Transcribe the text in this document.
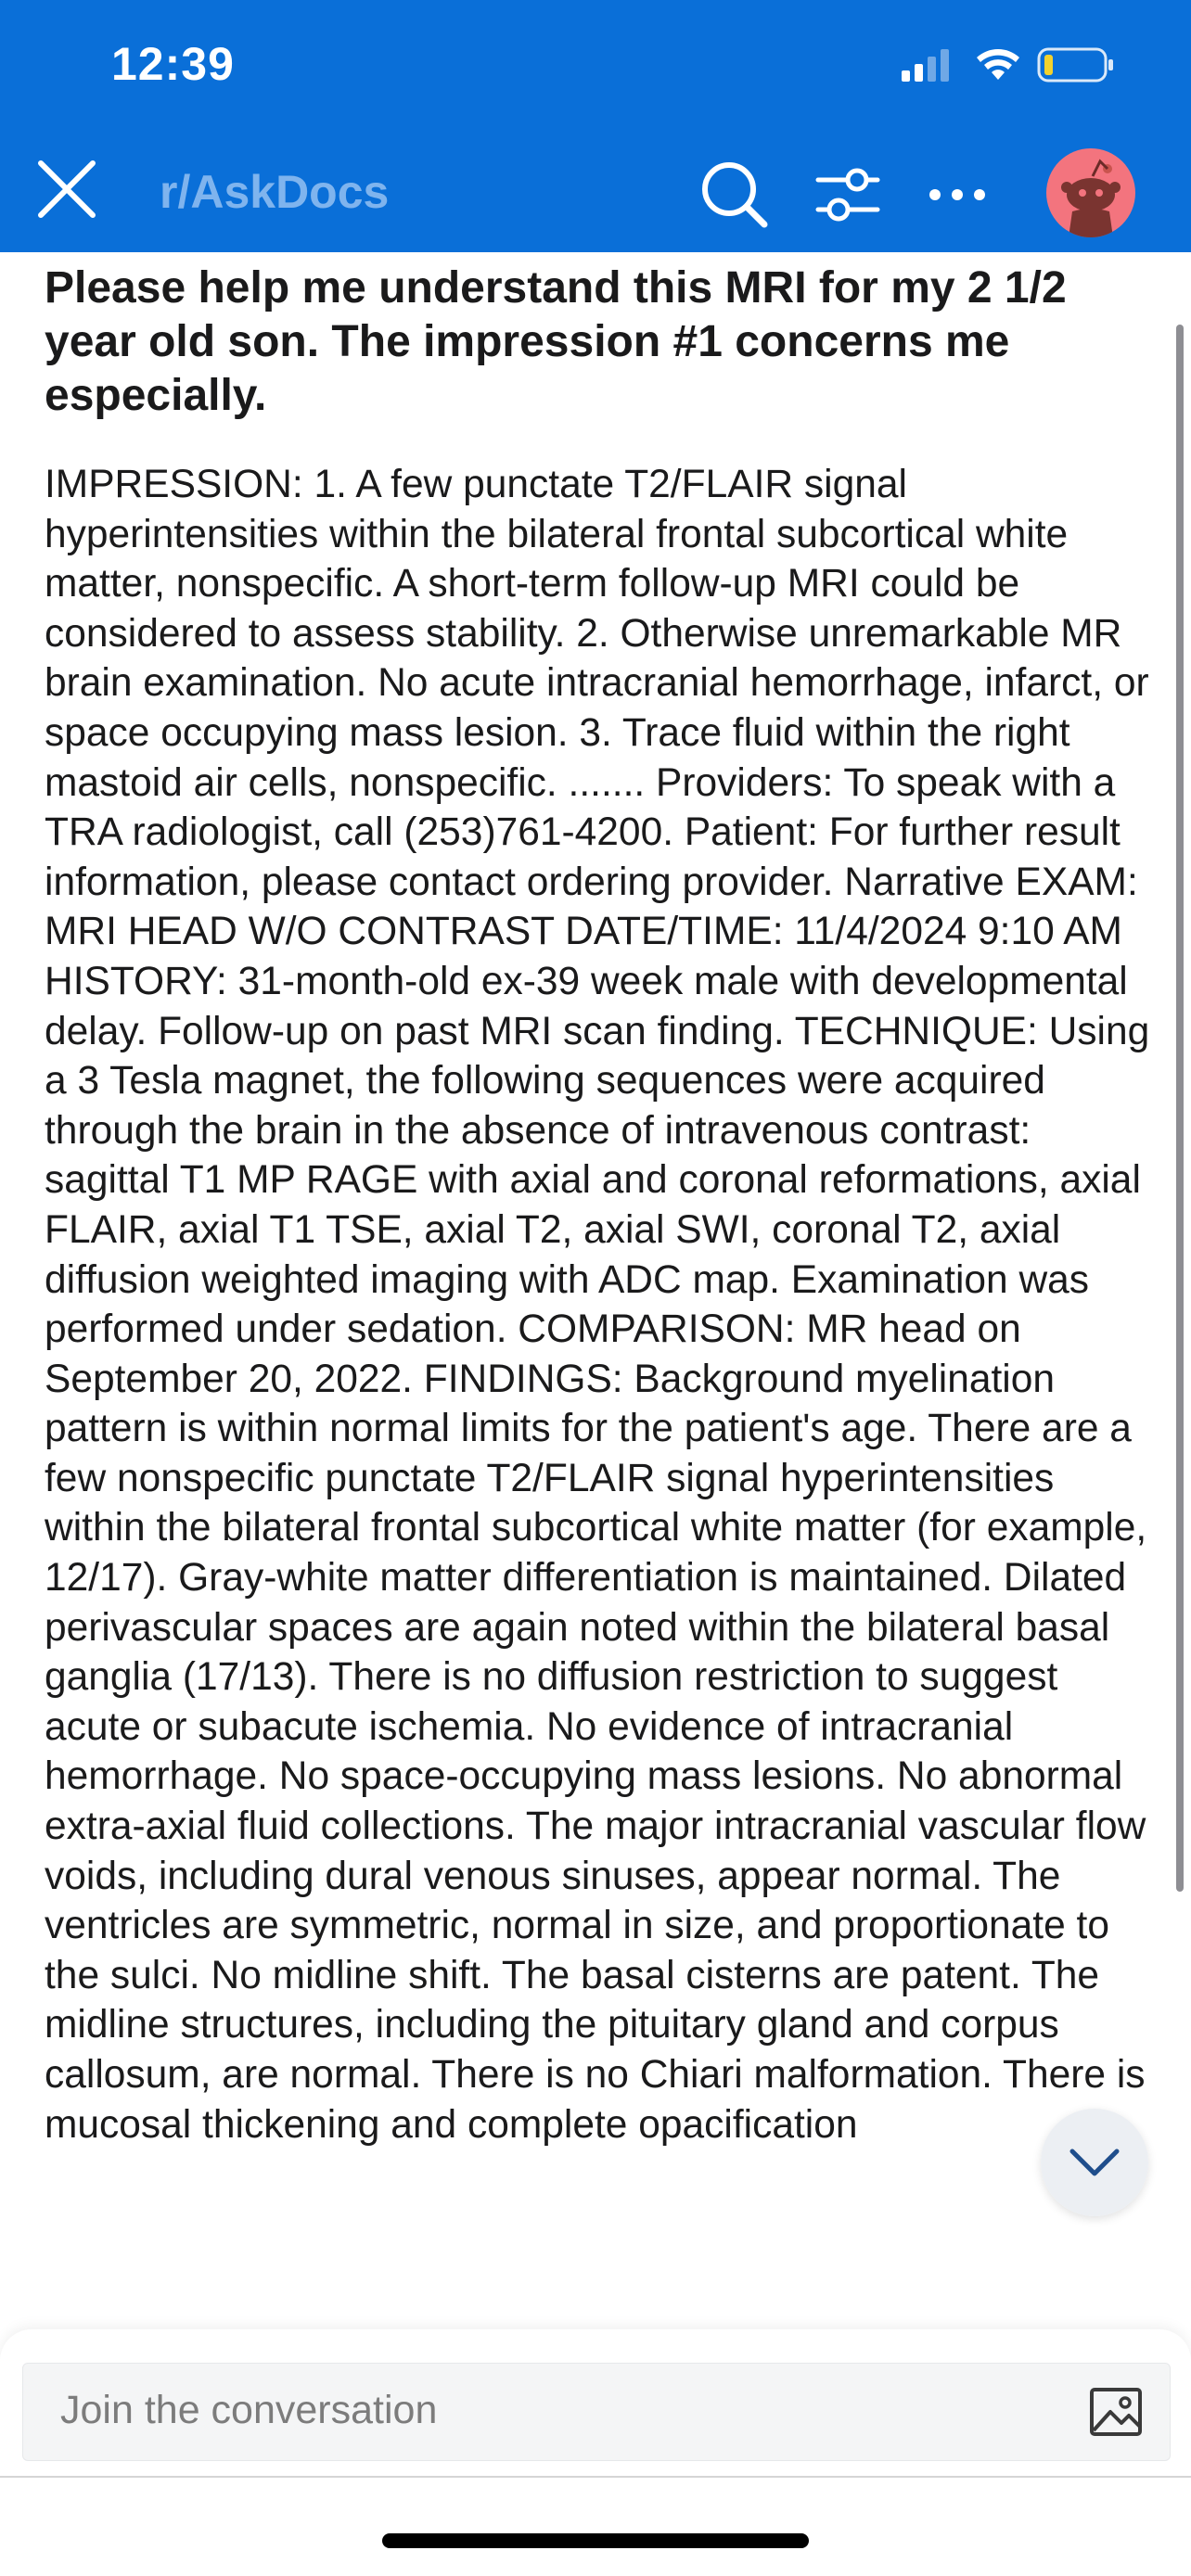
12:39
r/AskDocs
Please help me understand this MRI for my 2 1/2 year old son. The impression #1 concerns me especially.

IMPRESSION: 1. A few punctate T2/FLAIR signal hyperintensities within the bilateral frontal subcortical white matter, nonspecific. A short-term follow-up MRI could be considered to assess stability. 2. Otherwise unremarkable MR brain examination. No acute intracranial hemorrhage, infarct, or space occupying mass lesion. 3. Trace fluid within the right mastoid air cells, nonspecific. ....... Providers: To speak with a TRA radiologist, call (253)761-4200. Patient: For further result information, please contact ordering provider. Narrative EXAM: MRI HEAD W/O CONTRAST DATE/TIME: 11/4/2024 9:10 AM HISTORY: 31-month-old ex-39 week male with developmental delay. Follow-up on past MRI scan finding. TECHNIQUE: Using a 3 Tesla magnet, the following sequences were acquired through the brain in the absence of intravenous contrast: sagittal T1 MP RAGE with axial and coronal reformations, axial FLAIR, axial T1 TSE, axial T2, axial SWI, coronal T2, axial diffusion weighted imaging with ADC map. Examination was performed under sedation. COMPARISON: MR head on September 20, 2022. FINDINGS: Background myelination pattern is within normal limits for the patient's age. There are a few nonspecific punctate T2/FLAIR signal hyperintensities within the bilateral frontal subcortical white matter (for example, 12/17). Gray-white matter differentiation is maintained. Dilated perivascular spaces are again noted within the bilateral basal ganglia (17/13). There is no diffusion restriction to suggest acute or subacute ischemia. No evidence of intracranial hemorrhage. No space-occupying mass lesions. No abnormal extra-axial fluid collections. The major intracranial vascular flow voids, including dural venous sinuses, appear normal. The ventricles are symmetric, normal in size, and proportionate to the sulci. No midline shift. The basal cisterns are patent. The midline structures, including the pituitary gland and corpus callosum, are normal. There is no Chiari malformation. There is mucosal thickening and complete opacification

Join the conversation
